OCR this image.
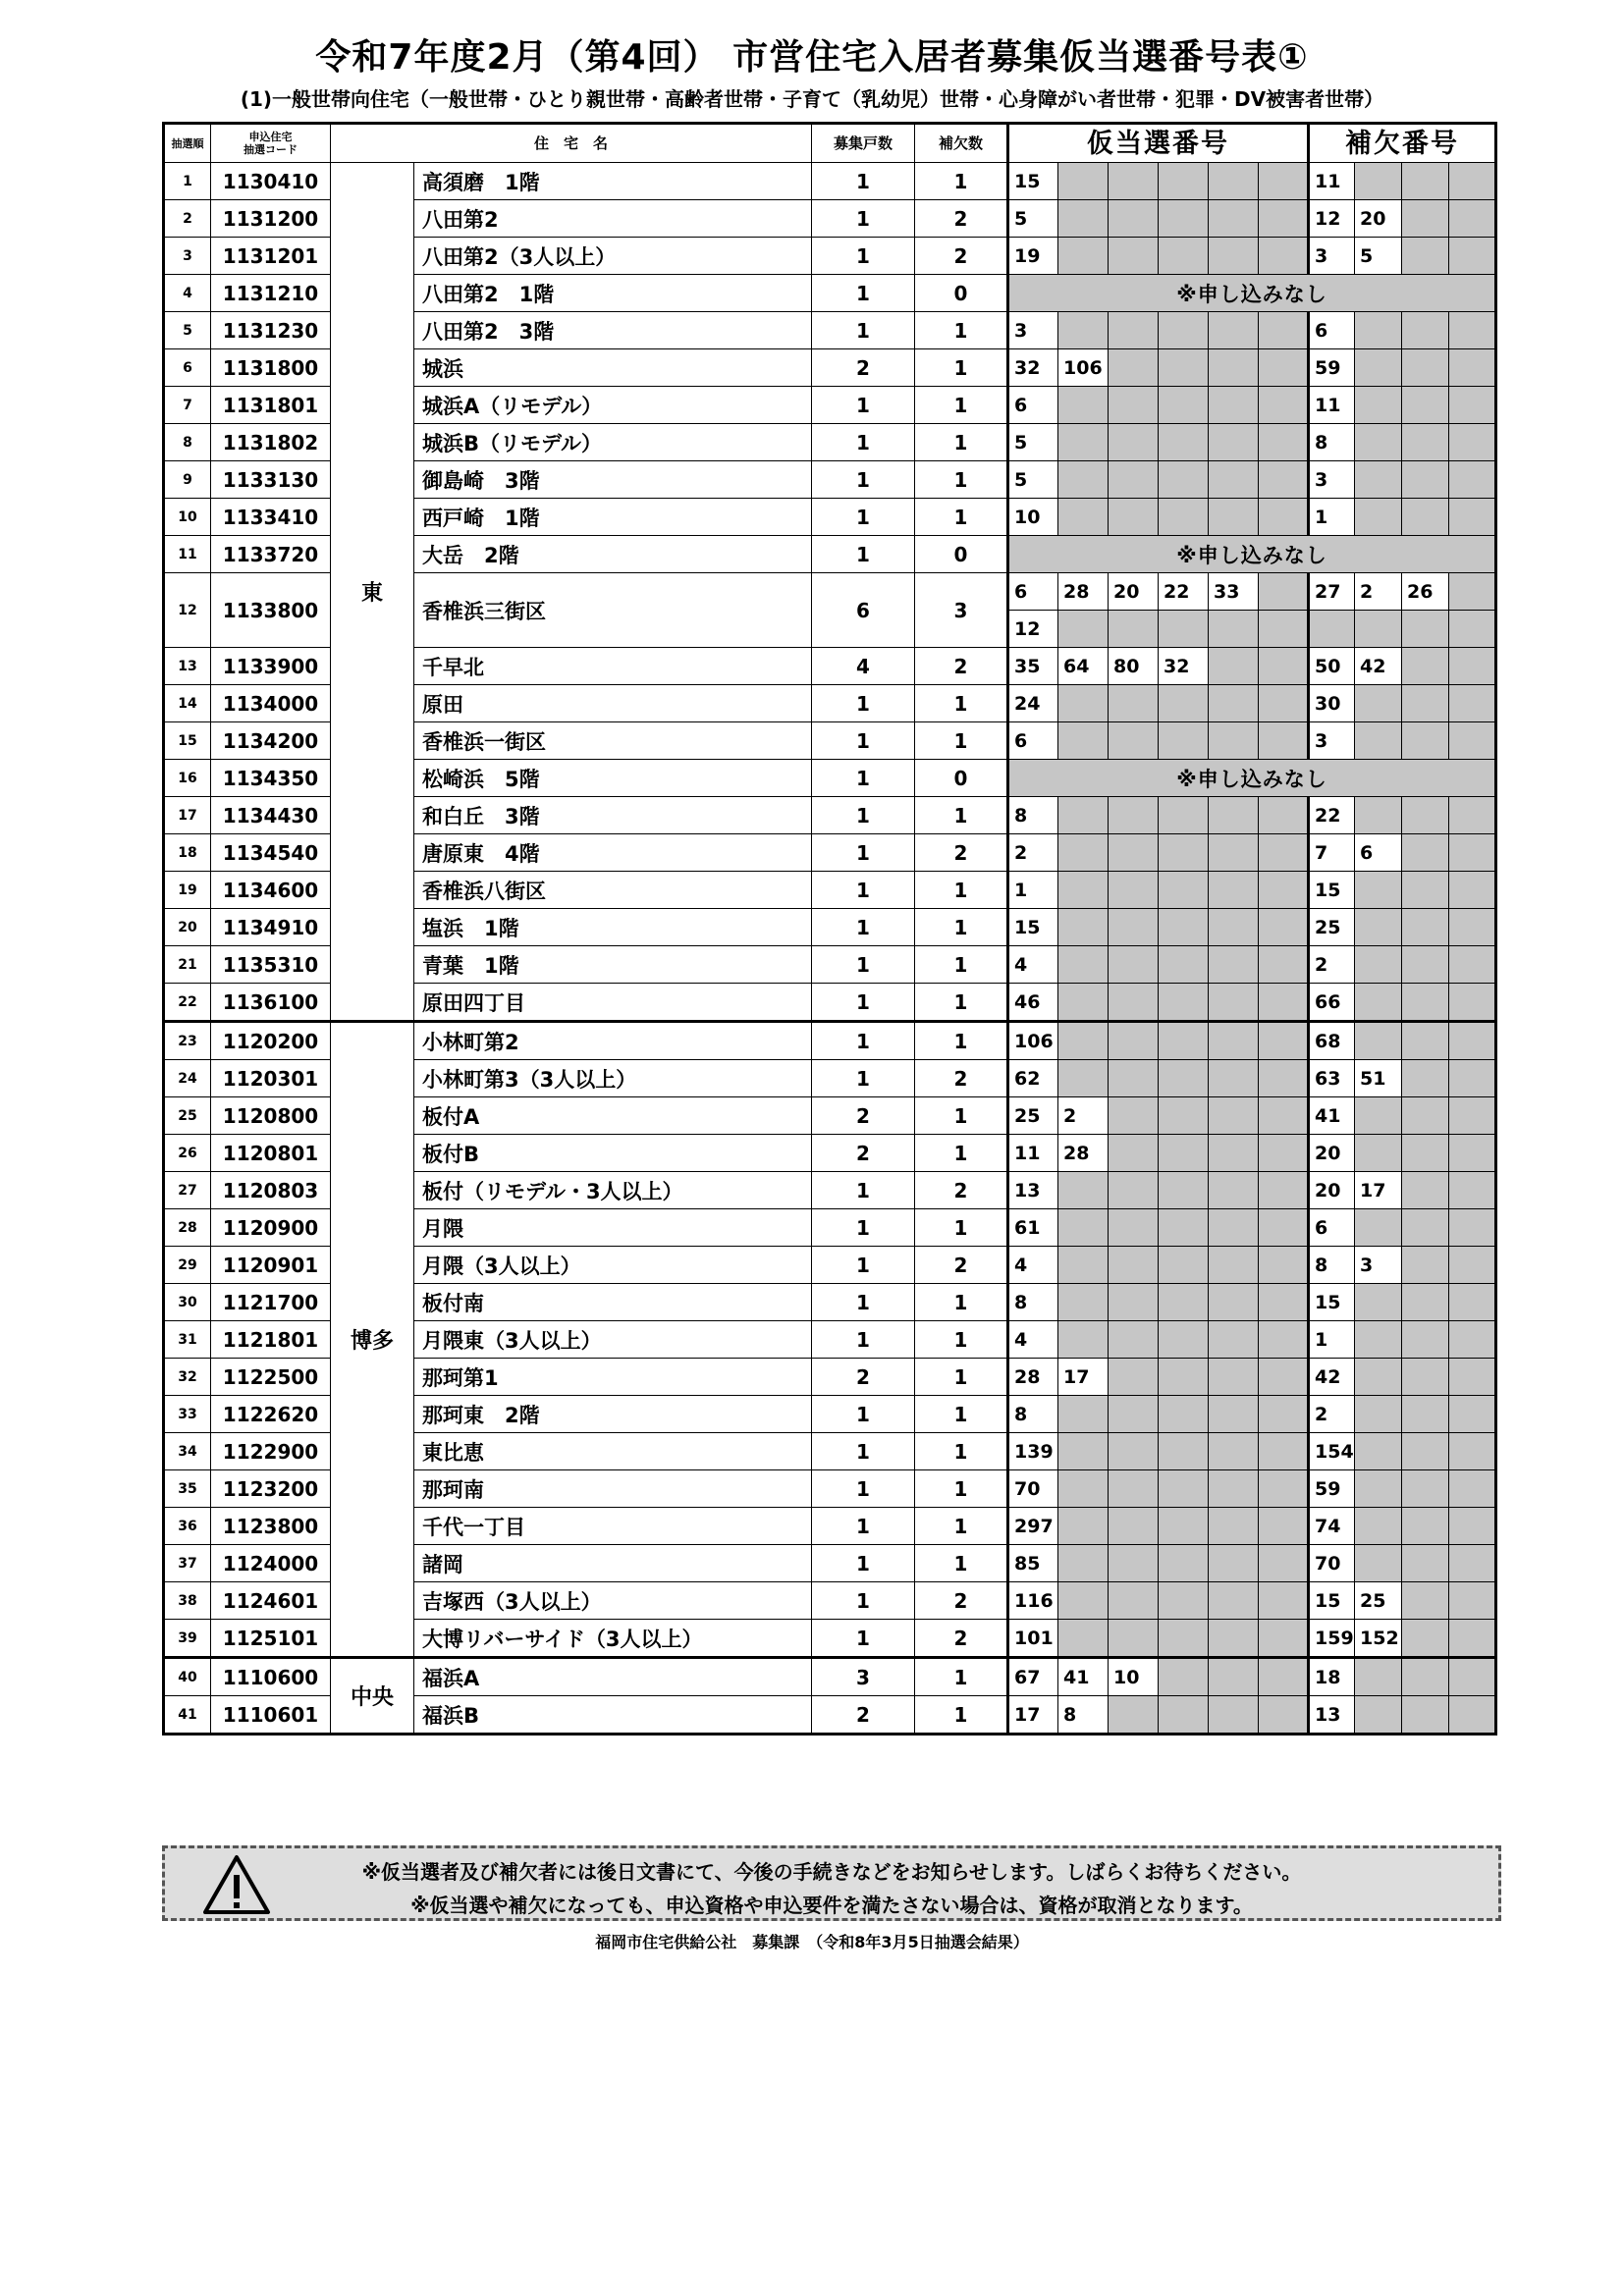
令和7年度2月（第4回） 市営住宅入居者募集仮当選番号表①
(1)一般世帯向住宅（一般世帯・ひとり親世帯・高齢者世帯・子育て（乳幼児）世帯・心身障がい者世帯・犯罪・DV被害者世帯）
抽選順	申込住宅
抽選コード	住　宅　名		募集戸数	補欠数	仮当選番号						補欠番号			
1	1130410	東	高須磨　1階	1	1	15						11			
2	1131200		八田第2	1	2	5						12	20		
3	1131201		八田第2（3人以上）	1	2	19						3	5		
4	1131210		八田第2　1階	1	0	※申し込みなし									
5	1131230		八田第2　3階	1	1	3						6			
6	1131800		城浜	2	1	32	106					59			
7	1131801		城浜A（リモデル）	1	1	6						11			
8	1131802		城浜B（リモデル）	1	1	5						8			
9	1133130		御島崎　3階	1	1	5						3			
10	1133410		西戸崎　1階	1	1	10						1			
11	1133720		大岳　2階	1	0	※申し込みなし									
12	1133800		香椎浜三街区	6	3	6	28	20	22	33		27	2	26	
						12									
13	1133900		千早北	4	2	35	64	80	32			50	42		
14	1134000		原田	1	1	24						30			
15	1134200		香椎浜一街区	1	1	6						3			
16	1134350		松崎浜　5階	1	0	※申し込みなし									
17	1134430		和白丘　3階	1	1	8						22			
18	1134540		唐原東　4階	1	2	2						7	6		
19	1134600		香椎浜八街区	1	1	1						15			
20	1134910		塩浜　1階	1	1	15						25			
21	1135310		青葉　1階	1	1	4						2			
22	1136100		原田四丁目	1	1	46						66			
23	1120200	博多	小林町第2	1	1	106						68			
24	1120301		小林町第3（3人以上）	1	2	62						63	51		
25	1120800		板付A	2	1	25	2					41			
26	1120801		板付B	2	1	11	28					20			
27	1120803		板付（リモデル・3人以上）	1	2	13						20	17		
28	1120900		月隈	1	1	61						6			
29	1120901		月隈（3人以上）	1	2	4						8	3		
30	1121700		板付南	1	1	8						15			
31	1121801		月隈東（3人以上）	1	1	4						1			
32	1122500		那珂第1	2	1	28	17					42			
33	1122620		那珂東　2階	1	1	8						2			
34	1122900		東比恵	1	1	139						154			
35	1123200		那珂南	1	1	70						59			
36	1123800		千代一丁目	1	1	297						74			
37	1124000		諸岡	1	1	85						70			
38	1124601		吉塚西（3人以上）	1	2	116						15	25		
39	1125101		大博リバーサイド（3人以上）	1	2	101						159	152		
40	1110600	中央	福浜A	3	1	67	41	10				18			
41	1110601		福浜B	2	1	17	8					13			
※仮当選者及び補欠者には後日文書にて、今後の手続きなどをお知らせします。しばらくお待ちください。
※仮当選や補欠になっても、申込資格や申込要件を満たさない場合は、資格が取消となります。
福岡市住宅供給公社　募集課　（令和8年3月5日抽選会結果）
